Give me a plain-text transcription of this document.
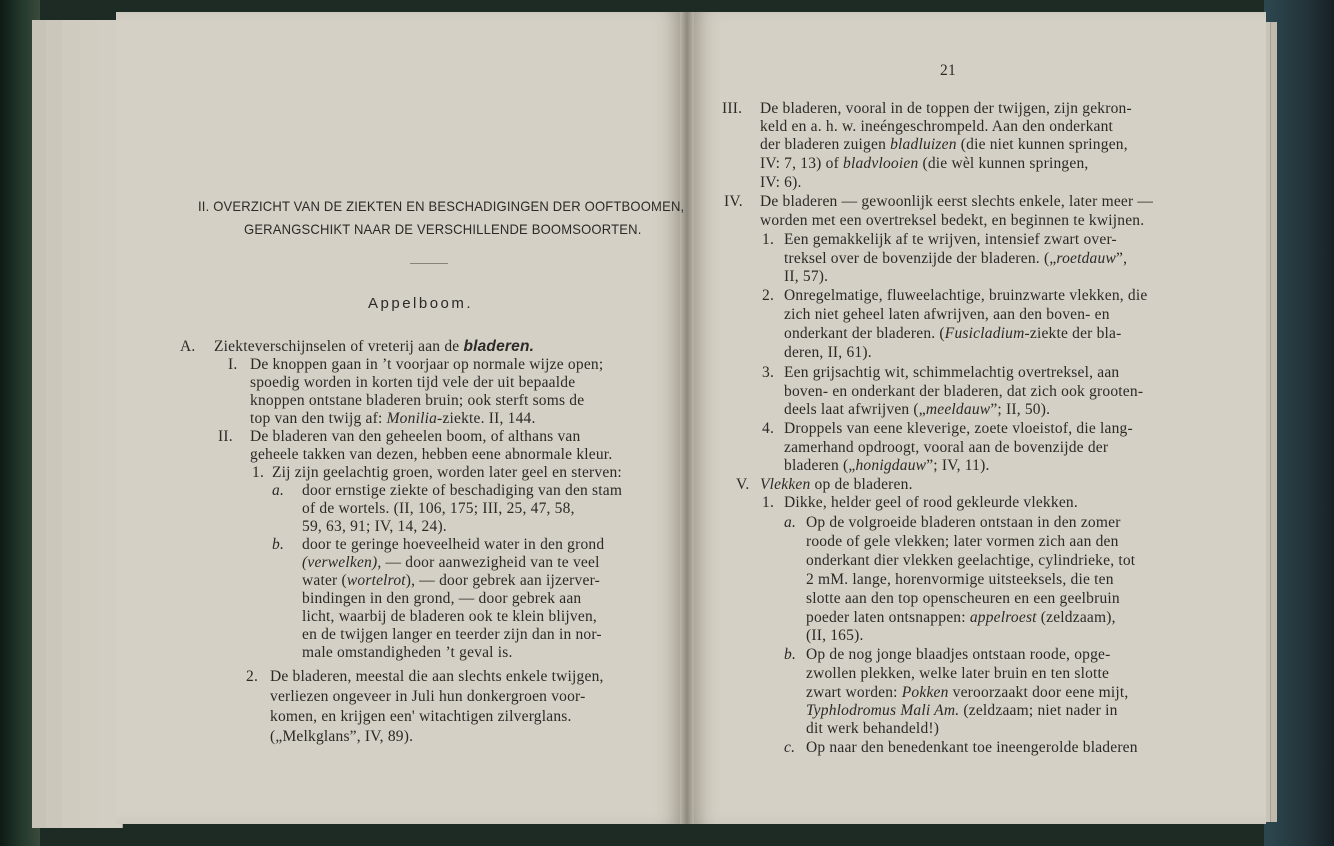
II. OVERZICHT VAN DE ZIEKTEN EN BESCHADIGINGEN DER OOFTBOOMEN,
GERANGSCHIKT NAAR DE VERSCHILLENDE BOOMSOORTEN.
Appelboom.
A. Ziekteverschijnselen of vreterij aan de bladeren.
I. De knoppen gaan in ’t voorjaar op normale wijze open;
spoedig worden in korten tijd vele der uit bepaalde
knoppen ontstane bladeren bruin; ook sterft soms de
top van den twijg af: Monilia-ziekte. II, 144.
II. De bladeren van den geheelen boom, of althans van
geheele takken van dezen, hebben eene abnormale kleur.
1. Zij zijn geelachtig groen, worden later geel en sterven:
a. door ernstige ziekte of beschadiging van den stam
of de wortels. (II, 106, 175; III, 25, 47, 58,
59, 63, 91; IV, 14, 24).
b. door te geringe hoeveelheid water in den grond
(verwelken), — door aanwezigheid van te veel
water (wortelrot), — door gebrek aan ijzerver-
bindingen in den grond, — door gebrek aan
licht, waarbij de bladeren ook te klein blijven,
en de twijgen langer en teerder zijn dan in nor-
male omstandigheden ’t geval is.
2. De bladeren, meestal die aan slechts enkele twijgen,
verliezen ongeveer in Juli hun donkergroen voor-
komen, en krijgen een' witachtigen zilverglans.
(„Melkglans”, IV, 89).
21
III. De bladeren, vooral in de toppen der twijgen, zijn gekron-
keld en a. h. w. ineéngeschrompeld. Aan den onderkant
der bladeren zuigen bladluizen (die niet kunnen springen,
IV: 7, 13) of bladvlooien (die wèl kunnen springen,
IV: 6).
IV. De bladeren — gewoonlijk eerst slechts enkele, later meer —
worden met een overtreksel bedekt, en beginnen te kwijnen.
1. Een gemakkelijk af te wrijven, intensief zwart over-
treksel over de bovenzijde der bladeren. („roetdauw”,
II, 57).
2. Onregelmatige, fluweelachtige, bruinzwarte vlekken, die
zich niet geheel laten afwrijven, aan den boven- en
onderkant der bladeren. (Fusicladium-ziekte der bla-
deren, II, 61).
3. Een grijsachtig wit, schimmelachtig overtreksel, aan
boven- en onderkant der bladeren, dat zich ook grooten-
deels laat afwrijven („meeldauw”; II, 50).
4. Droppels van eene kleverige, zoete vloeistof, die lang-
zamerhand opdroogt, vooral aan de bovenzijde der
bladeren („honigdauw”; IV, 11).
V. Vlekken op de bladeren.
1. Dikke, helder geel of rood gekleurde vlekken.
a. Op de volgroeide bladeren ontstaan in den zomer
roode of gele vlekken; later vormen zich aan den
onderkant dier vlekken geelachtige, cylindrieke, tot
2 mM. lange, horenvormige uitsteeksels, die ten
slotte aan den top openscheuren en een geelbruin
poeder laten ontsnappen: appelroest (zeldzaam),
(II, 165).
b. Op de nog jonge blaadjes ontstaan roode, opge-
zwollen plekken, welke later bruin en ten slotte
zwart worden: Pokken veroorzaakt door eene mijt,
Typhlodromus Mali Am. (zeldzaam; niet nader in
dit werk behandeld!)
c. Op naar den benedenkant toe ineengerolde bladeren
